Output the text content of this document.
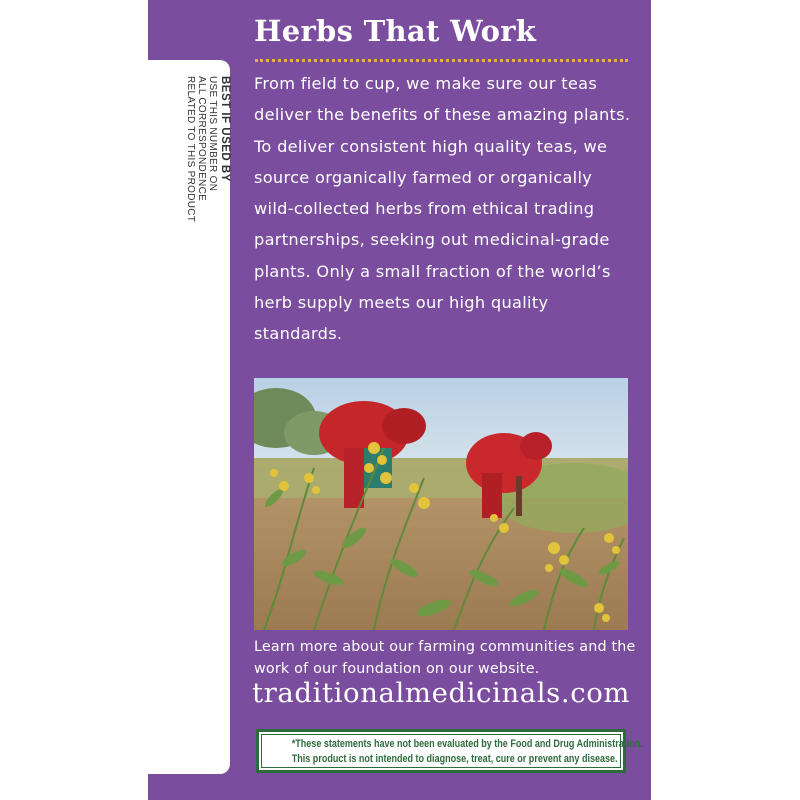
BEST IF USED BY
USE THIS NUMBER ON
ALL CORRESPONDENCE
RELATED TO THIS PRODUCT
Herbs That Work

From field to cup, we make sure our teas deliver the benefits of these amazing plants. To deliver consistent high quality teas, we source organically farmed or organically wild-collected herbs from ethical trading partnerships, seeking out medicinal-grade plants. Only a small fraction of the world’s herb supply meets our high quality standards.

Learn more about our farming communities and the work of our foundation on our website.

traditionalmedicinals.com

*These statements have not been evaluated by the Food and Drug Administration.
This product is not intended to diagnose, treat, cure or prevent any disease.
